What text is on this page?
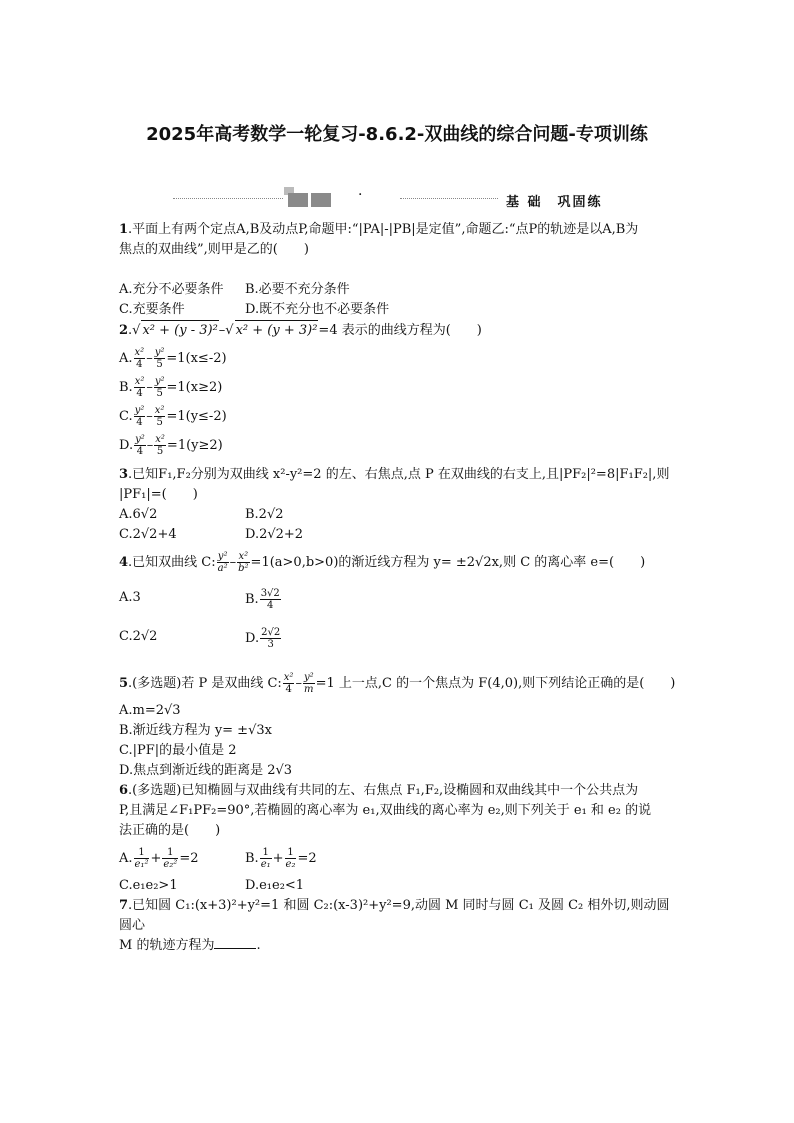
2025年高考数学一轮复习-8.6.2-双曲线的综合问题-专项训练
·	基 础　巩固练

1.平面上有两个定点A,B及动点P,命题甲:“|PA|-|PB|是定值”,命题乙:“点P的轨迹是以A,B为

焦点的双曲线”,则甲是乙的(　　)

A.充分不必要条件	B.必要不充分条件
C.充要条件	D.既不充分也不必要条件

2.√ x² + (y - 3)²–√ x² + (y + 3)²=4 表示的曲线方程为(　　)

A. $\frac{\text{x²}}{4} - \frac{\text{y²}}{5} =1(x\le-2)$

B. $\frac{\text{x²}}{4} - \frac{\text{y²}}{5} =1(x\ge 2)$

C. $\frac{\text{y²}}{4} - \frac{\text{x²}}{5} =1(y\le-2)$

D. $\frac{\text{y²}}{4} - \frac{\text{x²}}{5} =1(y\ge 2)$

3.已知F₁,F₂分别为双曲线 x²-y²=2 的左、右焦点,点 P 在双曲线的右支上,且|PF₂|²=8|F₁F₂|,则

|PF₁|=(　　)

A.6√2	B.2√2
C.2√2+4	D.2√2+2

4.已知双曲线 C: $\frac{\text{y²}}{\text{a²}} - \frac{\text{x²}}{\text{b²}} =1(a>0,b>0)$的渐近线方程为 y= ±2√2x,则 C 的离心率 e=(　　)

A.3	B. $\frac{3√2}{4}$
C.2√2	D. $\frac{2√2}{3}$

5.(多选题)若 P 是双曲线 C: $\frac{\text{x²}}{4} - \frac{\text{y²}}{m} =1$ 上一点,C 的一个焦点为 F(4,0),则下列结论正确的是(　　)

A.m=2√3

B.渐近线方程为 y= ±√3x

C.|PF|的最小值是 2

D.焦点到渐近线的距离是 2√3

6.(多选题)已知椭圆与双曲线有共同的左、右焦点 F₁,F₂,设椭圆和双曲线其中一个公共点为

P,且满足∠F₁PF₂=90°,若椭圆的离心率为 e₁,双曲线的离心率为 e₂,则下列关于 e₁ 和 e₂ 的说

法正确的是(　　)

A. $\frac{1}{\text{e₁²}} + \frac{1}{\text{e₂²}} =2$	B. $\frac{1}{\text{e₁}} + \frac{1}{\text{e₂}} =2$
C.e₁e₂>1	D.e₁e₂<1

7.已知圆 C₁:(x+3)²+y²=1 和圆 C₂:(x-3)²+y²=9,动圆 M 同时与圆 C₁ 及圆 C₂ 相外切,则动圆圆心

M 的轨迹方程为	.
